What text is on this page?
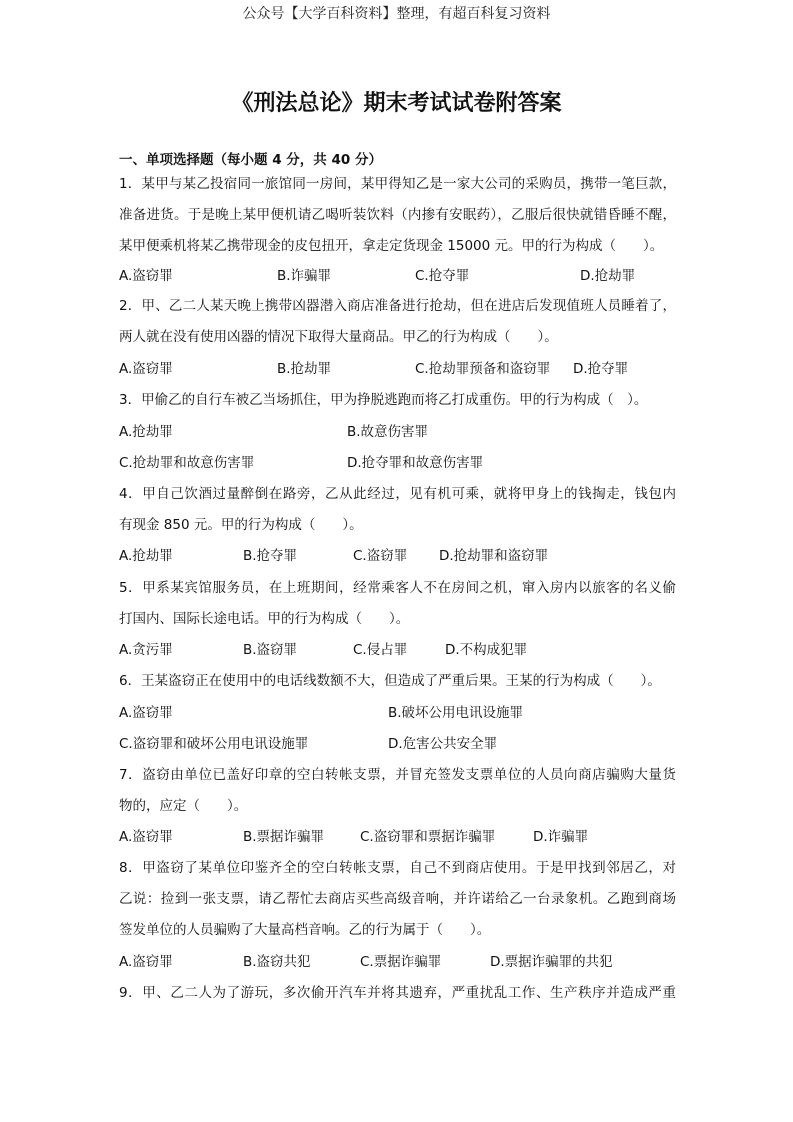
公众号【大学百科资料】整理，有超百科复习资料
《刑法总论》期末考试试卷附答案
一、单项选择题（每小题 4 分，共 40 分）
1．某甲与某乙投宿同一旅馆同一房间，某甲得知乙是一家大公司的采购员，携带一笔巨款，
准备进货。于是晚上某甲便机请乙喝听装饮料（内掺有安眠药），乙服后很快就错昏睡不醒，
某甲便乘机将某乙携带现金的皮包扭开，拿走定货现金 15000 元。甲的行为构成（　　）。
A.盗窃罪	B.诈骗罪	C.抢夺罪	D.抢劫罪
2．甲、乙二人某天晚上携带凶器潜入商店准备进行抢劫，但在进店后发现值班人员睡着了，
两人就在没有使用凶器的情况下取得大量商品。甲乙的行为构成（　　）。
A.盗窃罪	B.抢劫罪	C.抢劫罪预备和盗窃罪 D.抢夺罪
3．甲偷乙的自行车被乙当场抓住，甲为挣脱逃跑而将乙打成重伤。甲的行为构成（　）。
A.抢劫罪	B.故意伤害罪
C.抢劫罪和故意伤害罪	D.抢夺罪和故意伤害罪
4．甲自己饮酒过量醉倒在路旁，乙从此经过，见有机可乘，就将甲身上的钱掏走，钱包内
有现金 850 元。甲的行为构成（　　）。
A.抢劫罪	B.抢夺罪	C.盗窃罪 D.抢劫罪和盗窃罪
5．甲系某宾馆服务员，在上班期间，经常乘客人不在房间之机，窜入房内以旅客的名义偷
打国内、国际长途电话。甲的行为构成（　　）。
A.贪污罪	B.盗窃罪	C.侵占罪	D.不构成犯罪
6．王某盗窃正在使用中的电话线数额不大，但造成了严重后果。王某的行为构成（　　）。
A.盗窃罪	B.破坏公用电讯设施罪
C.盗窃罪和破坏公用电讯设施罪	D.危害公共安全罪
7．盗窃由单位已盖好印章的空白转帐支票，并冒充签发支票单位的人员向商店骗购大量货
物的，应定（　　）。
A.盗窃罪	B.票据诈骗罪	C.盗窃罪和票据诈骗罪	D.诈骗罪
8．甲盗窃了某单位印鉴齐全的空白转帐支票，自己不到商店使用。于是甲找到邻居乙，对
乙说：捡到一张支票，请乙帮忙去商店买些高级音响，并许诺给乙一台录象机。乙跑到商场
签发单位的人员骗购了大量高档音响。乙的行为属于（　　）。
A.盗窃罪	B.盗窃共犯	C.票据诈骗罪	D.票据诈骗罪的共犯
9．甲、乙二人为了游玩，多次偷开汽车并将其遗弃，严重扰乱工作、生产秩序并造成严重
